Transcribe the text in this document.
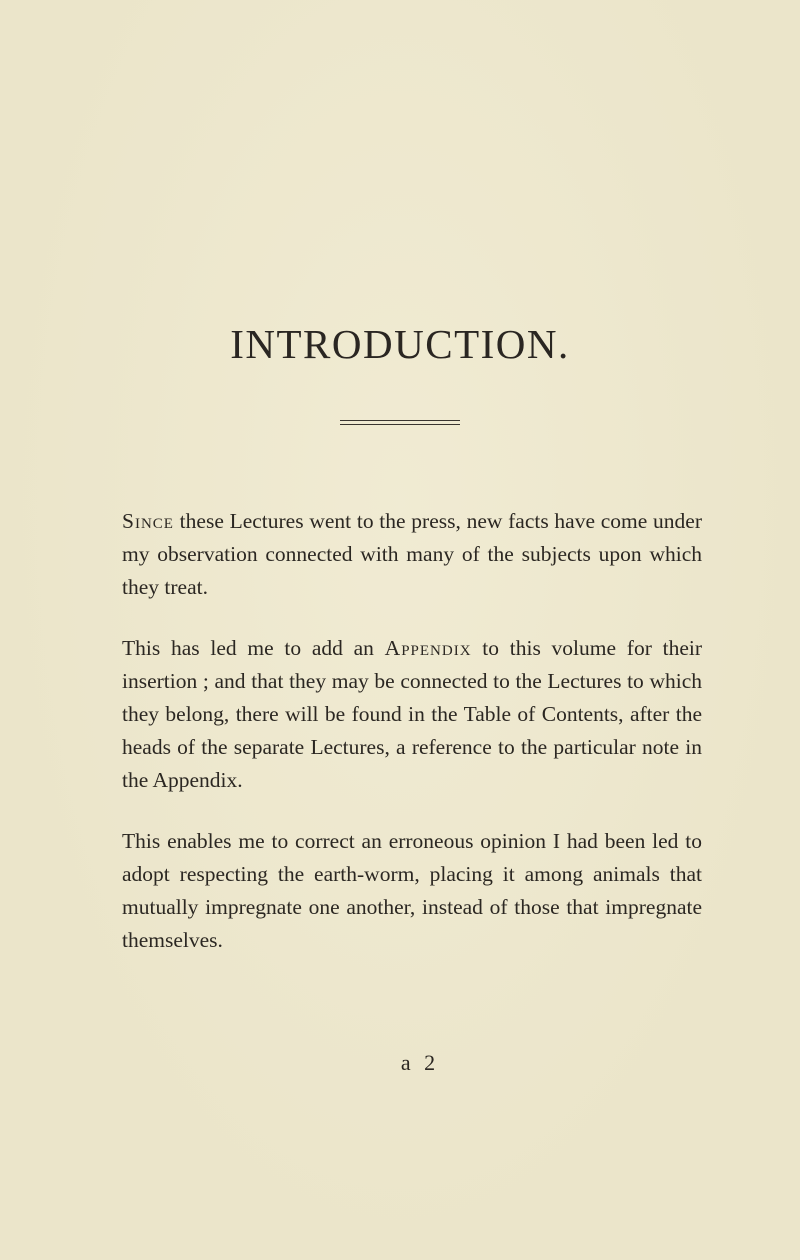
INTRODUCTION.

Since these Lectures went to the press, new facts have come under my observation connected with many of the subjects upon which they treat.

This has led me to add an Appendix to this volume for their insertion ; and that they may be connected to the Lectures to which they belong, there will be found in the Table of Contents, after the heads of the separate Lectures, a reference to the particular note in the Appendix.

This enables me to correct an erroneous opinion I had been led to adopt respecting the earth-worm, placing it among animals that mutually impregnate one another, instead of those that impregnate themselves.

a 2
